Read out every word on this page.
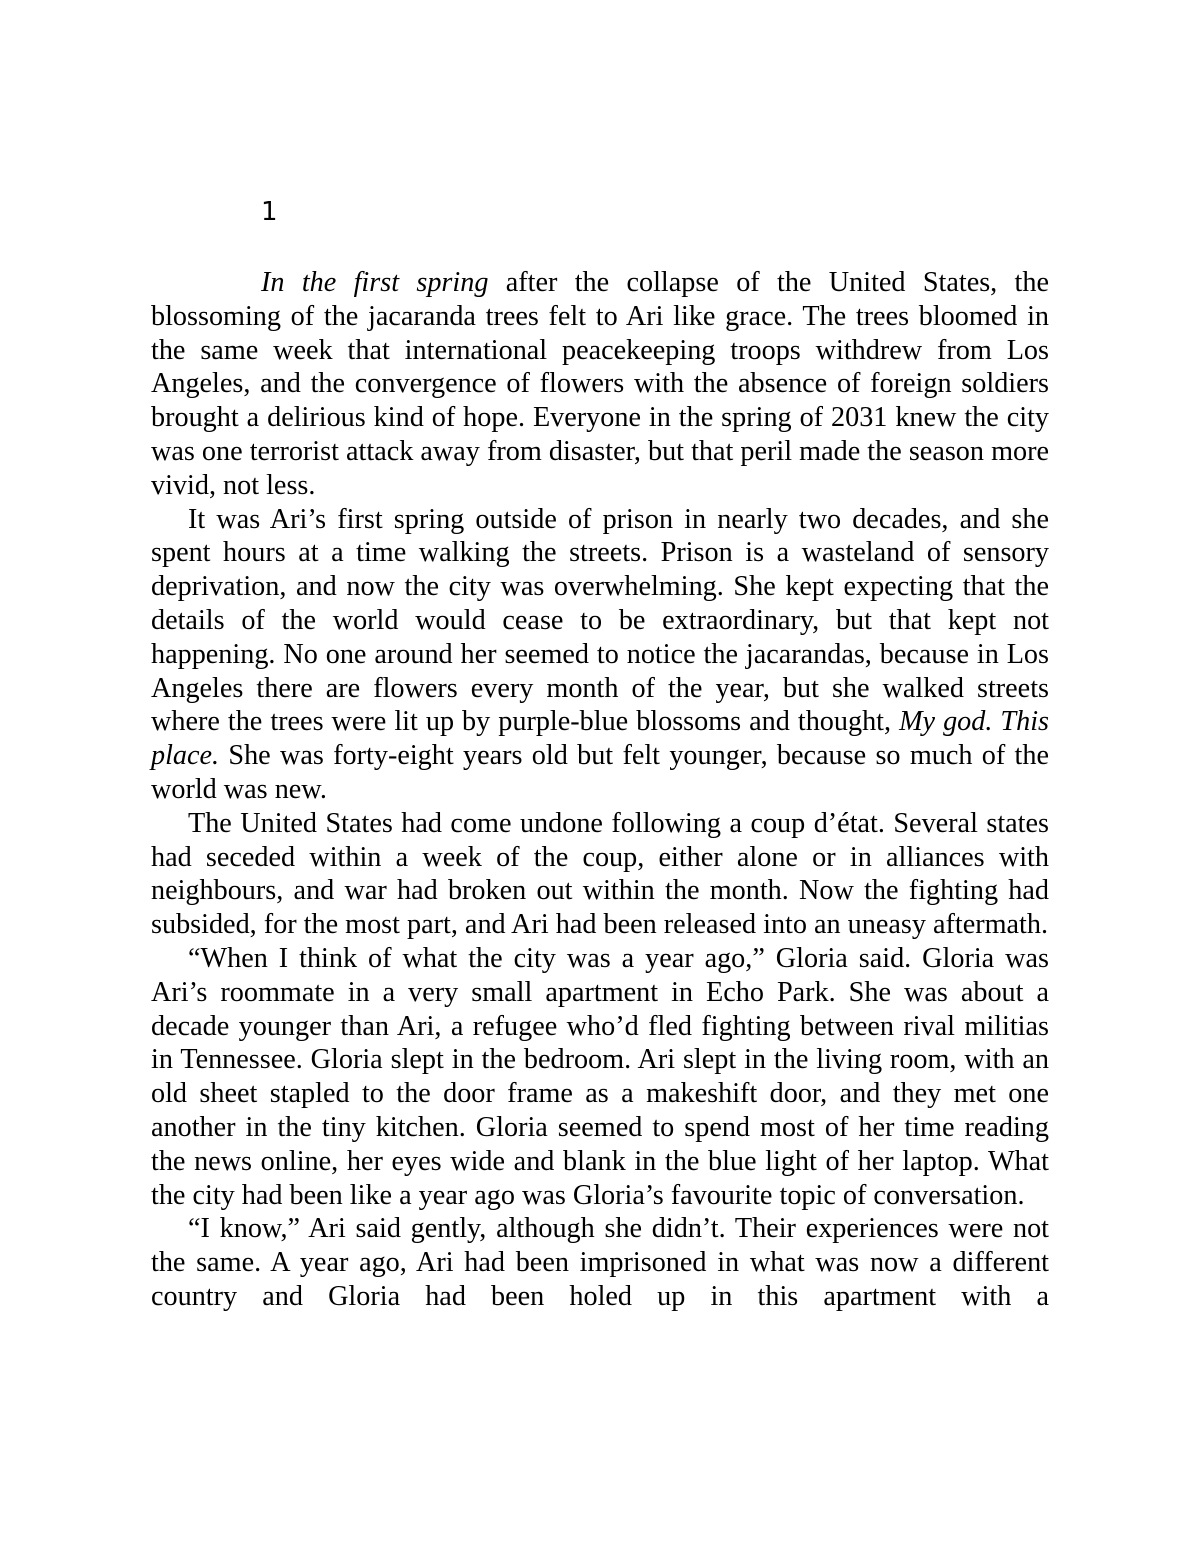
1

In the first spring after the collapse of the United States, the blossoming of the jacaranda trees felt to Ari like grace. The trees bloomed in the same week that international peacekeeping troops withdrew from Los Angeles, and the convergence of flowers with the absence of foreign soldiers brought a delirious kind of hope. Everyone in the spring of 2031 knew the city was one terrorist attack away from disaster, but that peril made the season more vivid, not less.

It was Ari’s first spring outside of prison in nearly two decades, and she spent hours at a time walking the streets. Prison is a wasteland of sensory deprivation, and now the city was overwhelming. She kept expecting that the details of the world would cease to be extraordinary, but that kept not happening. No one around her seemed to notice the jacarandas, because in Los Angeles there are flowers every month of the year, but she walked streets where the trees were lit up by purple-blue blossoms and thought, My god. This place. She was forty-eight years old but felt younger, because so much of the world was new.

The United States had come undone following a coup d’état. Several states had seceded within a week of the coup, either alone or in alliances with neighbours, and war had broken out within the month. Now the fighting had subsided, for the most part, and Ari had been released into an uneasy aftermath.

“When I think of what the city was a year ago,” Gloria said. Gloria was Ari’s roommate in a very small apartment in Echo Park. She was about a decade younger than Ari, a refugee who’d fled fighting between rival militias in Tennessee. Gloria slept in the bedroom. Ari slept in the living room, with an old sheet stapled to the door frame as a makeshift door, and they met one another in the tiny kitchen. Gloria seemed to spend most of her time reading the news online, her eyes wide and blank in the blue light of her laptop. What the city had been like a year ago was Gloria’s favourite topic of conversation.

“I know,” Ari said gently, although she didn’t. Their experiences were not the same. A year ago, Ari had been imprisoned in what was now a different country and Gloria had been holed up in this apartment with a
